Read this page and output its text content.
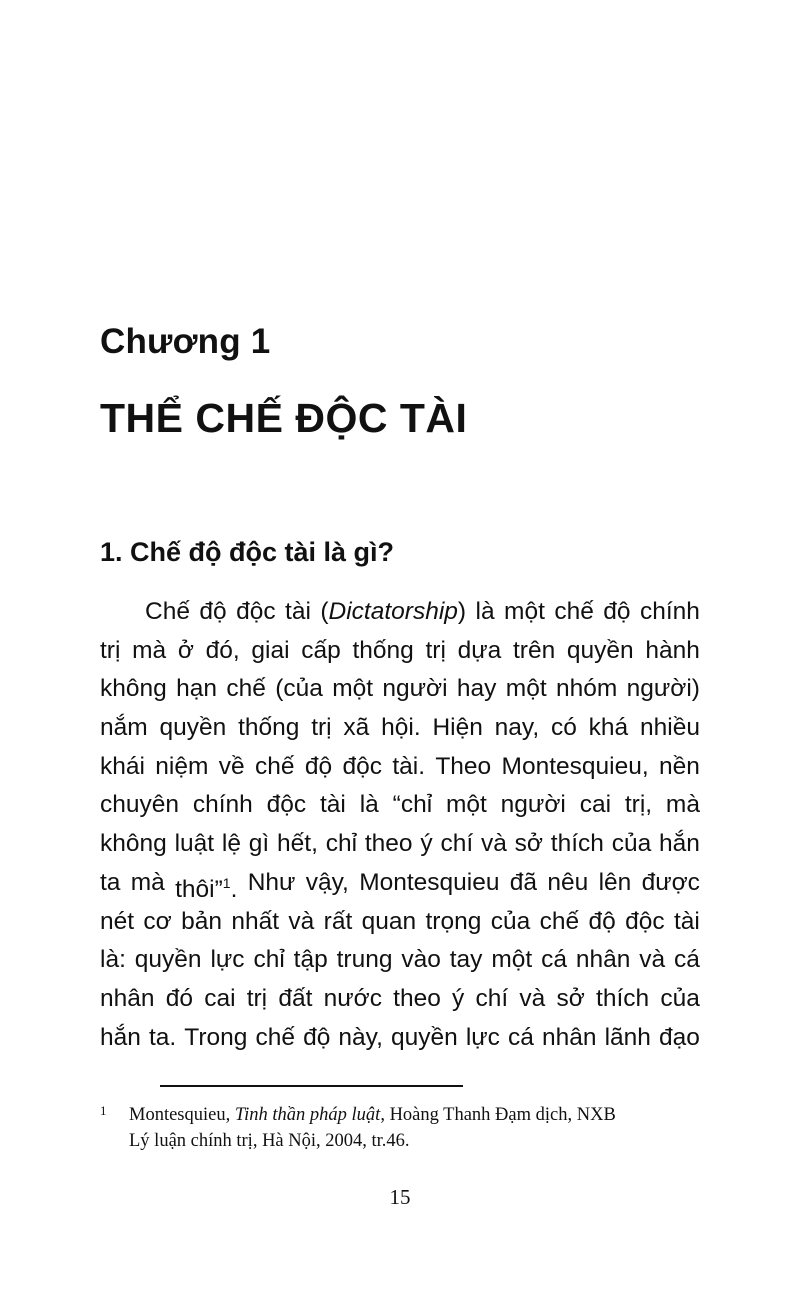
Chương 1
THỂ CHẾ ĐỘC TÀI
1. Chế độ độc tài là gì?
Chế độ độc tài (Dictatorship) là một chế độ chính
trị mà ở đó, giai cấp thống trị dựa trên quyền hành
không hạn chế (của một người hay một nhóm người)
nắm quyền thống trị xã hội. Hiện nay, có khá nhiều
khái niệm về chế độ độc tài. Theo Montesquieu, nền
chuyên chính độc tài là “chỉ một người cai trị, mà
không luật lệ gì hết, chỉ theo ý chí và sở thích của hắn
ta mà thôi”$^1$. Như vậy, Montesquieu đã nêu lên được
nét cơ bản nhất và rất quan trọng của chế độ độc tài
là: quyền lực chỉ tập trung vào tay một cá nhân và cá
nhân đó cai trị đất nước theo ý chí và sở thích của
hắn ta. Trong chế độ này, quyền lực cá nhân lãnh đạo
1	Montesquieu, Tinh thần pháp luật, Hoàng Thanh Đạm dịch, NXB
Lý luận chính trị, Hà Nội, 2004, tr.46.
15
